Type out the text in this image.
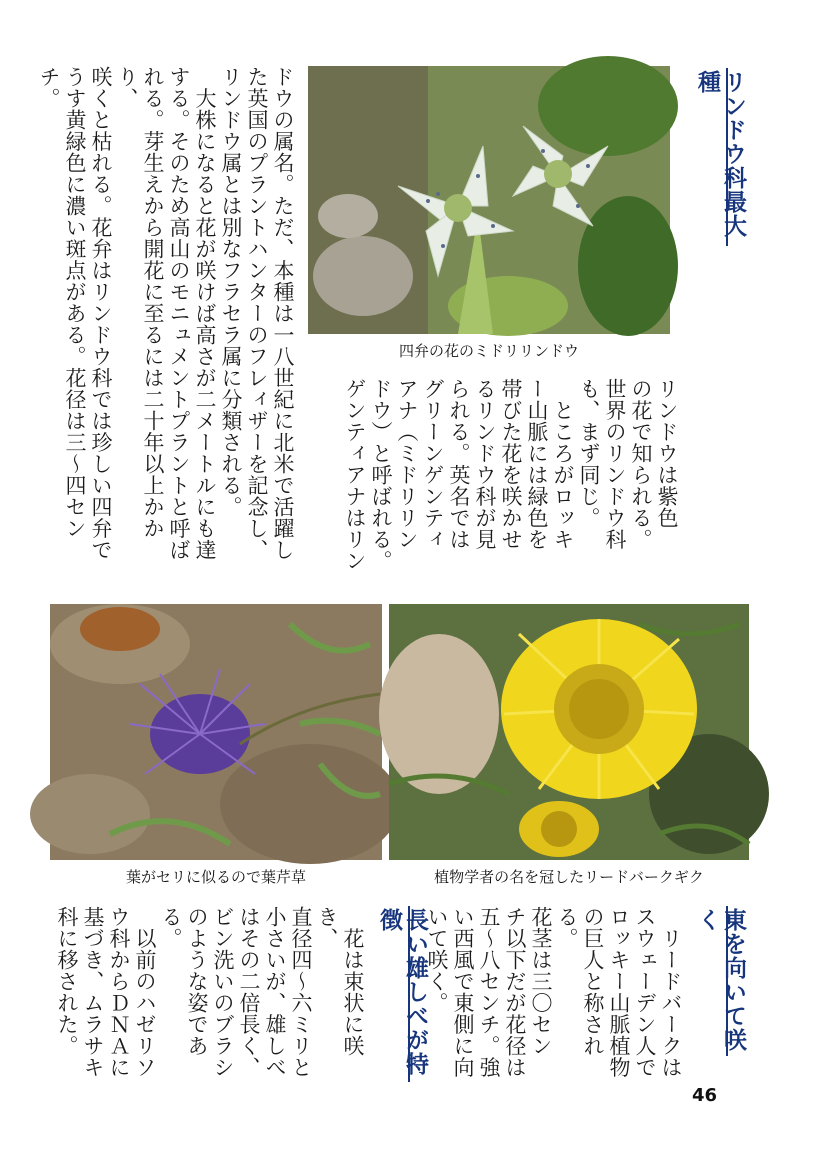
リンドウ科最大種
四弁の花のミドリリンドウ
リンドウは紫色
の花で知られる。
世界のリンドウ科
も、まず同じ。
　ところがロッキ
ー山脈には緑色を
帯びた花を咲かせ
るリンドウ科が見
られる。英名では
グリーンゲンティ
アナ（ミドリリン
ドウ）と呼ばれる。
ゲンティアナはリン
ドウの属名。ただ、本種は一八世紀に北米で活躍し
た英国のプラントハンターのフレィザーを記念し、
リンドウ属とは別なフラセラ属に分類される。
　大株になると花が咲けば高さが二メートルにも達
する。そのため高山のモニュメントプラントと呼ば
れる。芽生えから開花に至るには二十年以上かかり、
咲くと枯れる。花弁はリンドウ科では珍しい四弁で
うす黄緑色に濃い斑点がある。花径は三〜四センチ。
葉がセリに似るので葉芹草	植物学者の名を冠したリードバークギク
東を向いて咲く
　リードバークは
スウェーデン人で
ロッキー山脈植物
の巨人と称される。
花茎は三〇セン
チ以下だが花径は
五〜八センチ。強
い西風で東側に向
いて咲く。
長い雄しべが特徴
　花は束状に咲き、
直径四〜六ミリと
小さいが、雄しべ
はその二倍長く、
ビン洗いのブラシ
のような姿である。
　以前のハゼリソ
ウ科からＤＮＡに
基づき、ムラサキ
科に移された。
46
